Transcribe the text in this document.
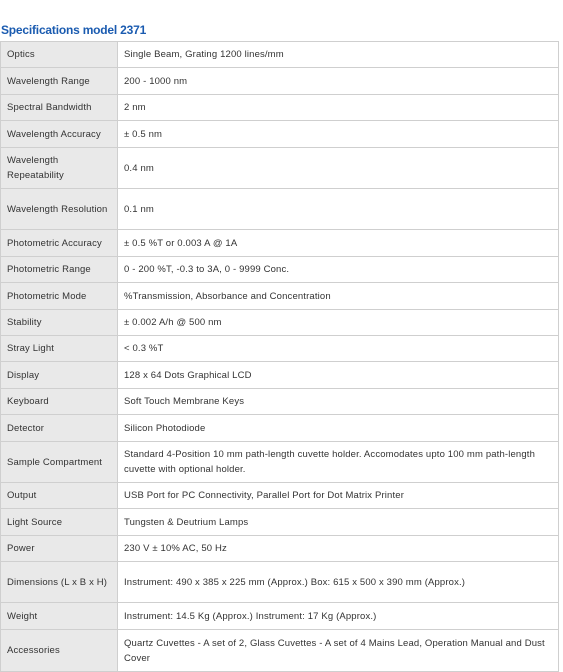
Specifications model 2371
Optics	Single Beam, Grating 1200 lines/mm
Wavelength Range	200 - 1000 nm
Spectral Bandwidth	2 nm
Wavelength Accuracy	± 0.5 nm
Wavelength Repeatability	0.4 nm
Wavelength Resolution	0.1 nm
Photometric Accuracy	± 0.5 %T or 0.003 A @ 1A
Photometric Range	0 - 200 %T, -0.3 to 3A, 0 - 9999 Conc.
Photometric Mode	%Transmission, Absorbance and Concentration
Stability	± 0.002 A/h @ 500 nm
Stray Light	< 0.3 %T
Display	128 x 64 Dots Graphical LCD
Keyboard	Soft Touch Membrane Keys
Detector	Silicon Photodiode
Sample Compartment	Standard 4-Position 10 mm path-length cuvette holder. Accomodates upto 100 mm path-length cuvette with optional holder.
Output	USB Port for PC Connectivity, Parallel Port for Dot Matrix Printer
Light Source	Tungsten & Deutrium Lamps
Power	230 V ± 10% AC, 50 Hz
Dimensions (L x B x H)	Instrument: 490 x 385 x 225 mm (Approx.) Box: 615 x 500 x 390 mm (Approx.)
Weight	Instrument: 14.5 Kg (Approx.) Instrument: 17 Kg (Approx.)
Accessories	Quartz Cuvettes - A set of 2, Glass Cuvettes - A set of 4 Mains Lead, Operation Manual and Dust Cover
